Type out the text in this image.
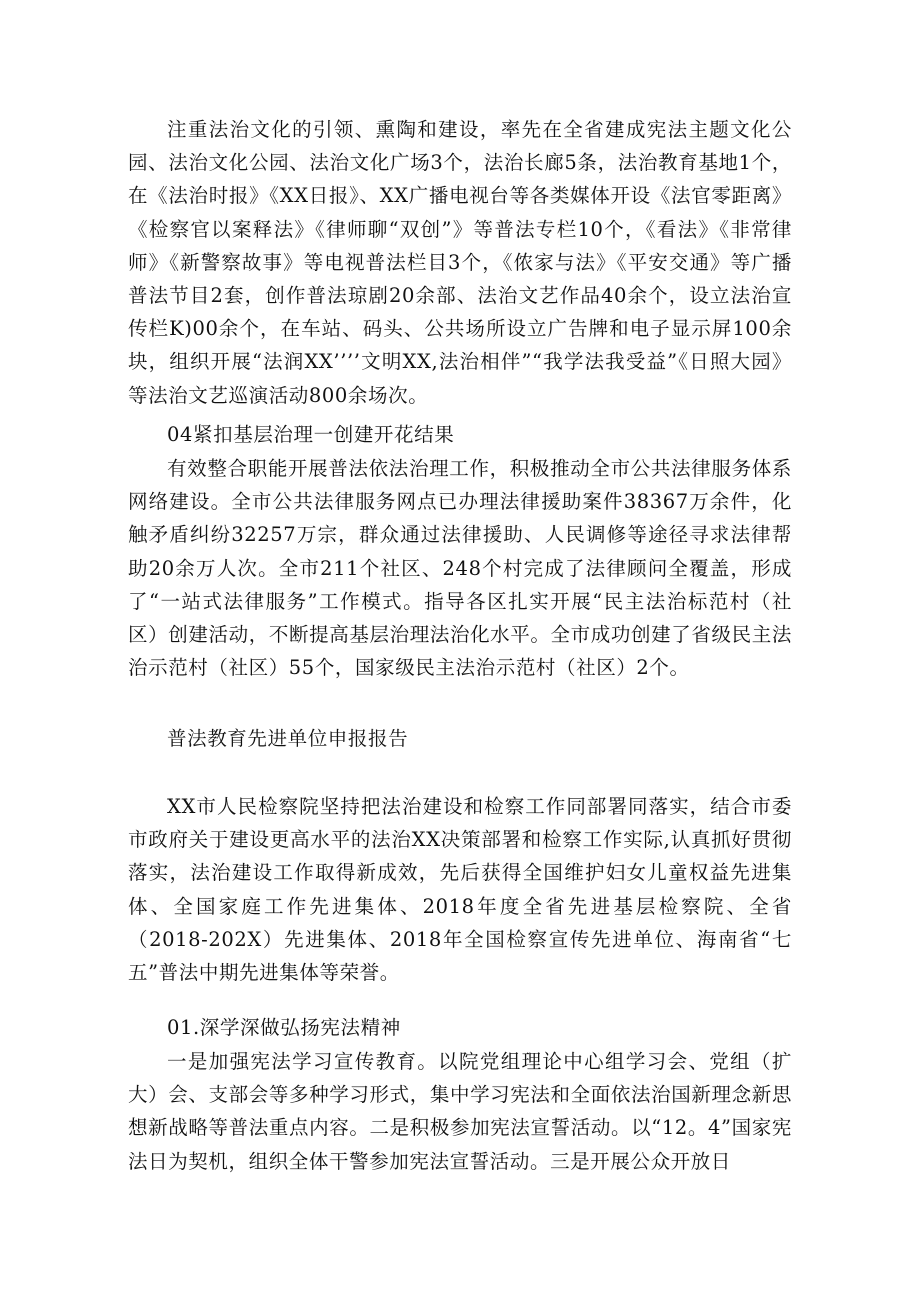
注重法治文化的引领、熏陶和建设，率先在全省建成宪法主题文化公园、法治文化公园、法治文化广场3个，法治长廊5条，法治教育基地1个，在《法治时报》《XX日报》、XX广播电视台等各类媒体开设《法官零距离》《检察官以案释法》《律师聊“双创”》等普法专栏10个，《看法》《非常律师》《新警察故事》等电视普法栏目3个，《侬家与法》《平安交通》等广播普法节目2套，创作普法琼剧20余部、法治文艺作品40余个，设立法治宣传栏K)00余个，在车站、码头、公共场所设立广告牌和电子显示屏100余块，组织开展“法润XX’’’’文明XX,法治相伴”“我学法我受益”《日照大园》等法治文艺巡演活动800余场次。

04紧扣基层治理一创建开花结果

有效整合职能开展普法依法治理工作，积极推动全市公共法律服务体系网络建设。全市公共法律服务网点已办理法律援助案件38367万余件，化触矛盾纠纷32257万宗，群众通过法律援助、人民调修等途径寻求法律帮助20余万人次。全市211个社区、248个村完成了法律顾问全覆盖，形成了“一站式法律服务”工作模式。指导各区扎实开展“民主法治标范村（社区）创建活动，不断提高基层治理法治化水平。全市成功创建了省级民主法治示范村（社区）55个，国家级民主法治示范村（社区）2个。

普法教育先进单位申报报告

XX市人民检察院坚持把法治建设和检察工作同部署同落实，结合市委市政府关于建设更高水平的法治XX决策部署和检察工作实际,认真抓好贯彻落实，法治建设工作取得新成效，先后获得全国维护妇女儿童权益先进集体、全国家庭工作先进集体、2018年度全省先进基层检察院、全省（2018-202X）先进集体、2018年全国检察宣传先进单位、海南省“七五”普法中期先进集体等荣誉。

01.深学深做弘扬宪法精神

一是加强宪法学习宣传教育。以院党组理论中心组学习会、党组（扩大）会、支部会等多种学习形式，集中学习宪法和全面依法治国新理念新思想新战略等普法重点内容。二是积极参加宪法宣誓活动。以“12。4”国家宪法日为契机，组织全体干警参加宪法宣誓活动。三是开展公众开放日
